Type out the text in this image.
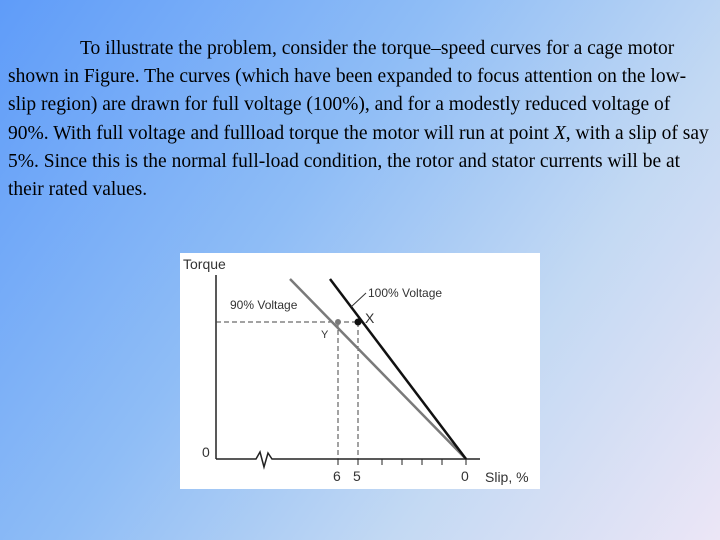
To illustrate the problem, consider the torque–speed curves for a cage motor shown in Figure. The curves (which have been expanded to focus attention on the low-slip region) are drawn for full voltage (100%), and for a modestly reduced voltage of 90%. With full voltage and fullload torque the motor will run at point X, with a slip of say 5%. Since this is the normal full-load condition, the rotor and stator currents will be at their rated values.

Torque
Slip, %
0
6 5	0
100% Voltage
90% Voltage
X
Y
